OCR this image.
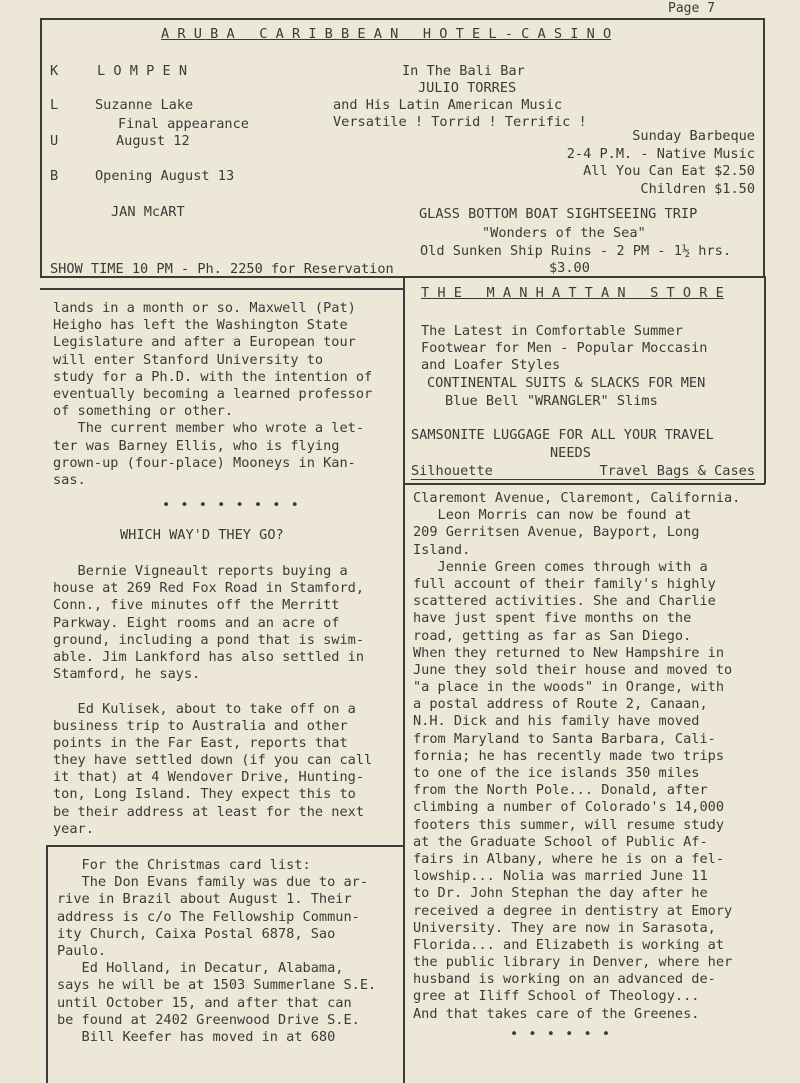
Page 7
A R U B A   C A R I B B E A N   H O T E L - C A S I N O
K	L O M P E N
L	Suzanne Lake
Final appearance
U	August 12
B	Opening August 13
JAN McART
SHOW TIME 10 PM - Ph. 2250 for Reservation
In The Bali Bar
JULIO TORRES
and His Latin American Music
Versatile ! Torrid ! Terrific !
Sunday Barbeque
2-4 P.M. - Native Music
All You Can Eat $2.50
Children $1.50
GLASS BOTTOM BOAT SIGHTSEEING TRIP
"Wonders of the Sea"
Old Sunken Ship Ruins - 2 PM - 1½ hrs.
$3.00
T H E   M A N H A T T A N   S T O R E
The Latest in Comfortable Summer
Footwear for Men - Popular Moccasin
and Loafer Styles
CONTINENTAL SUITS & SLACKS FOR MEN
Blue Bell "WRANGLER" Slims
SAMSONITE LUGGAGE FOR ALL YOUR TRAVEL
NEEDS
Silhouette	Travel Bags & Cases
lands in a month or so. Maxwell (Pat)
Heigho has left the Washington State
Legislature and after a European tour
will enter Stanford University to
study for a Ph.D. with the intention of
eventually becoming a learned professor
of something or other.
The current member who wrote a let-
ter was Barney Ellis, who is flying
grown-up (four-place) Mooneys in Kan-
sas.
• • • • • • • •
WHICH WAY'D THEY GO?
Bernie Vigneault reports buying a
house at 269 Red Fox Road in Stamford,
Conn., five minutes off the Merritt
Parkway. Eight rooms and an acre of
ground, including a pond that is swim-
able. Jim Lankford has also settled in
Stamford, he says.
Ed Kulisek, about to take off on a
business trip to Australia and other
points in the Far East, reports that
they have settled down (if you can call
it that) at 4 Wendover Drive, Hunting-
ton, Long Island. They expect this to
be their address at least for the next
year.
For the Christmas card list:
The Don Evans family was due to ar-
rive in Brazil about August 1. Their
address is c/o The Fellowship Commun-
ity Church, Caixa Postal 6878, Sao
Paulo.
Ed Holland, in Decatur, Alabama,
says he will be at 1503 Summerlane S.E.
until October 15, and after that can
be found at 2402 Greenwood Drive S.E.
Bill Keefer has moved in at 680
Claremont Avenue, Claremont, California.
Leon Morris can now be found at
209 Gerritsen Avenue, Bayport, Long
Island.
Jennie Green comes through with a
full account of their family's highly
scattered activities. She and Charlie
have just spent five months on the
road, getting as far as San Diego.
When they returned to New Hampshire in
June they sold their house and moved to
"a place in the woods" in Orange, with
a postal address of Route 2, Canaan,
N.H. Dick and his family have moved
from Maryland to Santa Barbara, Cali-
fornia; he has recently made two trips
to one of the ice islands 350 miles
from the North Pole... Donald, after
climbing a number of Colorado's 14,000
footers this summer, will resume study
at the Graduate School of Public Af-
fairs in Albany, where he is on a fel-
lowship... Nolia was married June 11
to Dr. John Stephan the day after he
received a degree in dentistry at Emory
University. They are now in Sarasota,
Florida... and Elizabeth is working at
the public library in Denver, where her
husband is working on an advanced de-
gree at Iliff School of Theology...
And that takes care of the Greenes.
• • • • • •
